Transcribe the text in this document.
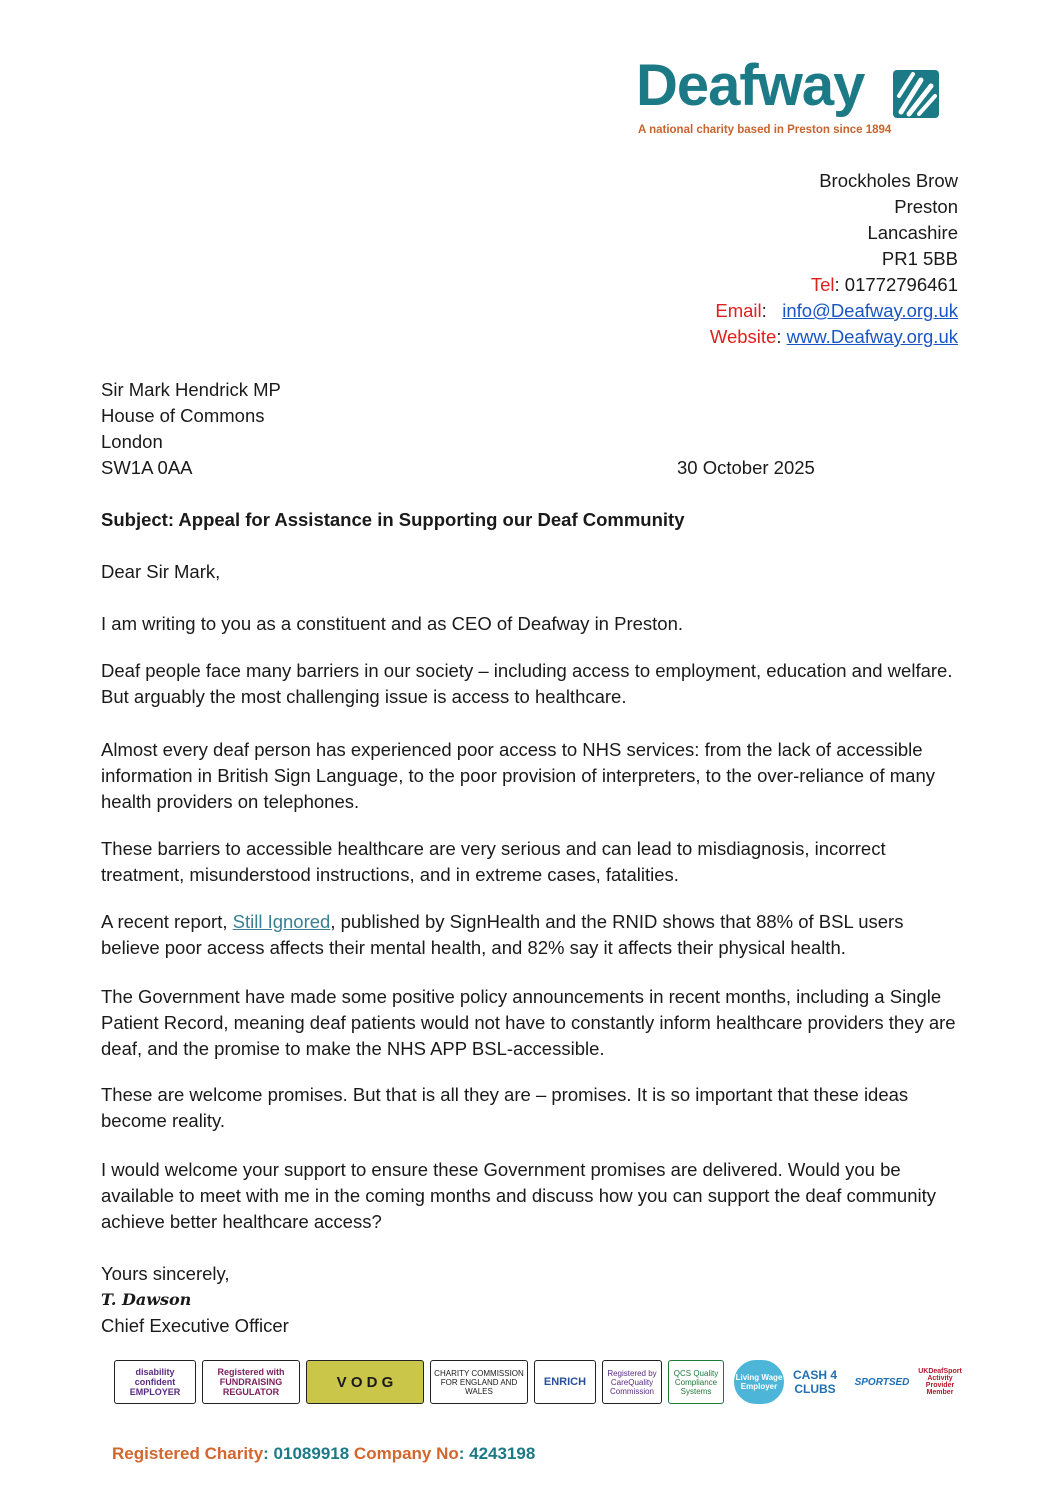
Deafway
A national charity based in Preston since 1894
Brockholes Brow
Preston
Lancashire
PR1 5BB
Tel: 01772796461
Email: info@Deafway.org.uk
Website: www.Deafway.org.uk
Sir Mark Hendrick MP
House of Commons
London
SW1A 0AA	30 October 2025
Subject: Appeal for Assistance in Supporting our Deaf Community

Dear Sir Mark,

I am writing to you as a constituent and as CEO of Deafway in Preston.

Deaf people face many barriers in our society – including access to employment, education and welfare. But arguably the most challenging issue is access to healthcare.

Almost every deaf person has experienced poor access to NHS services: from the lack of accessible information in British Sign Language, to the poor provision of interpreters, to the over-reliance of many health providers on telephones.

These barriers to accessible healthcare are very serious and can lead to misdiagnosis, incorrect treatment, misunderstood instructions, and in extreme cases, fatalities.

A recent report, Still Ignored, published by SignHealth and the RNID shows that 88% of BSL users believe poor access affects their mental health, and 82% say it affects their physical health.

The Government have made some positive policy announcements in recent months, including a Single Patient Record, meaning deaf patients would not have to constantly inform healthcare providers they are deaf, and the promise to make the NHS APP BSL-accessible.

These are welcome promises. But that is all they are – promises. It is so important that these ideas become reality.

I would welcome your support to ensure these Government promises are delivered. Would you be available to meet with me in the coming months and discuss how you can support the deaf community achieve better healthcare access?

Yours sincerely,
T. Dawson
Chief Executive Officer
disability confident EMPLOYER
Registered with FUNDRAISING REGULATOR
V O D G
CHARITY COMMISSION FOR ENGLAND AND WALES
ENRICH
Registered by CareQuality Commission
QCS Quality Compliance Systems
Living Wage Employer
CASH 4 CLUBS	SPORTSED
UKDeafSport Activity Provider Member
Registered Charity: 01089918 Company No: 4243198
